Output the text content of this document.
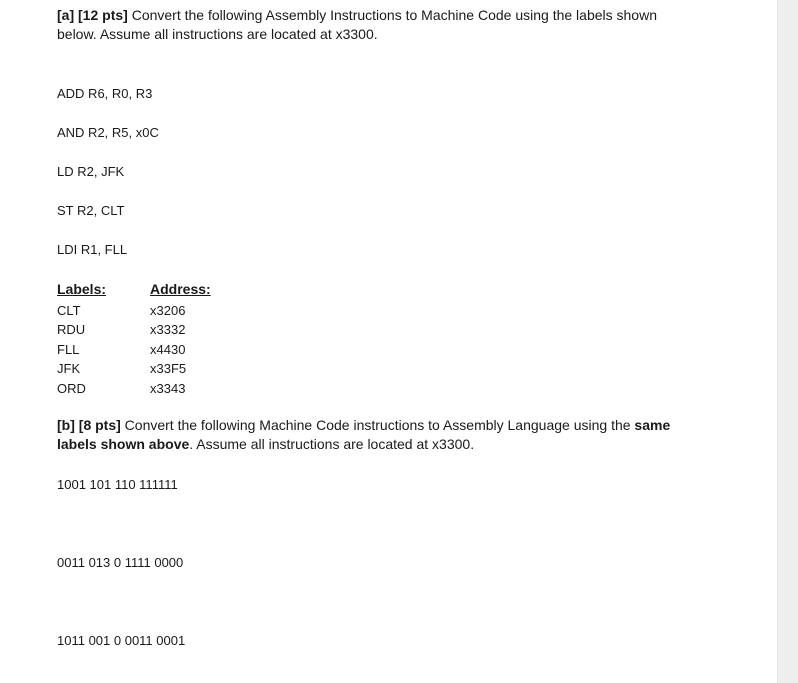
[a] [12 pts] Convert the following Assembly Instructions to Machine Code using the labels shown below. Assume all instructions are located at x3300.

ADD R6, R0, R3
AND R2, R5, x0C
LD R2, JFK
ST R2, CLT
LDI R1, FLL
Labels:
CLT
RDU
FLL
JFK
ORD
Address:
x3206
x3332
x4430
x33F5
x3343

[b] [8 pts] Convert the following Machine Code instructions to Assembly Language using the same labels shown above. Assume all instructions are located at x3300.

1001 101 110 111111
0011 013 0 1111 0000
1011 001 0 0011 0001
